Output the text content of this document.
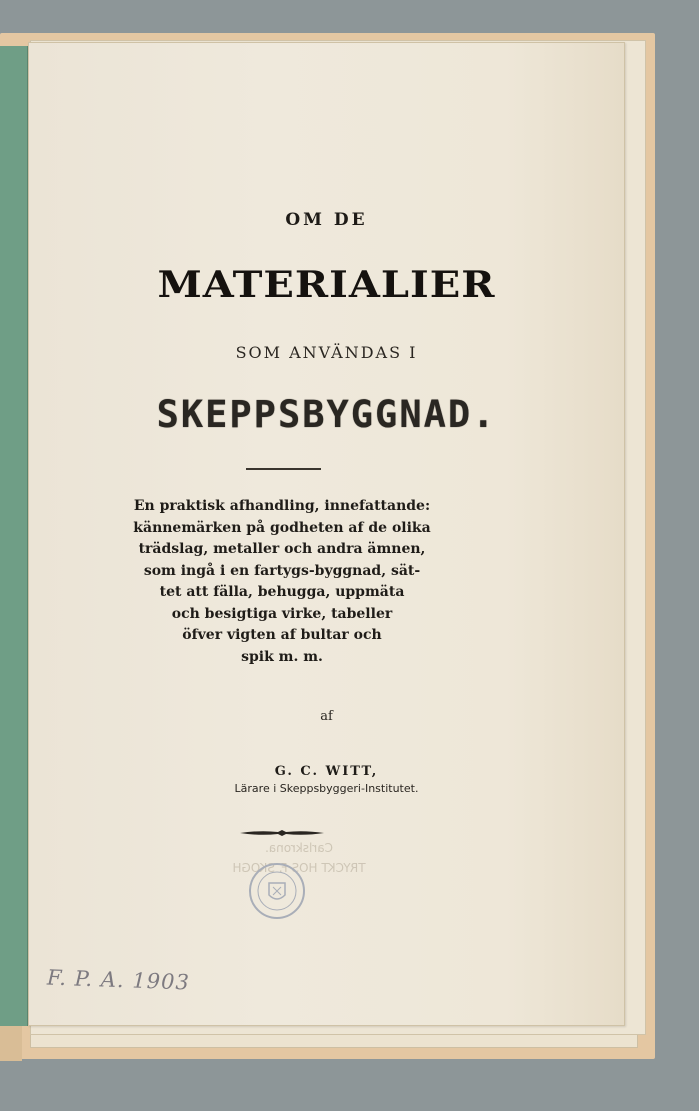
OM DE
MATERIALIER
SOM ANVÄNDAS I
SKEPPSBYGGNAD.
En praktisk afhandling, innefattande:
kännemärken på godheten af de olika
trädslag, metaller och andra ämnen,
som ingå i en fartygs-byggnad, sät-
tet att fälla, behugga, uppmäta
och besigtiga virke, tabeller
öfver vigten af bultar och
spik m. m.
af
G. C. WITT,
Lärare i Skeppsbyggeri-Institutet.
Carlskrona.
TRYCKT HOS F. SKOGH
F. P. A. 1903
